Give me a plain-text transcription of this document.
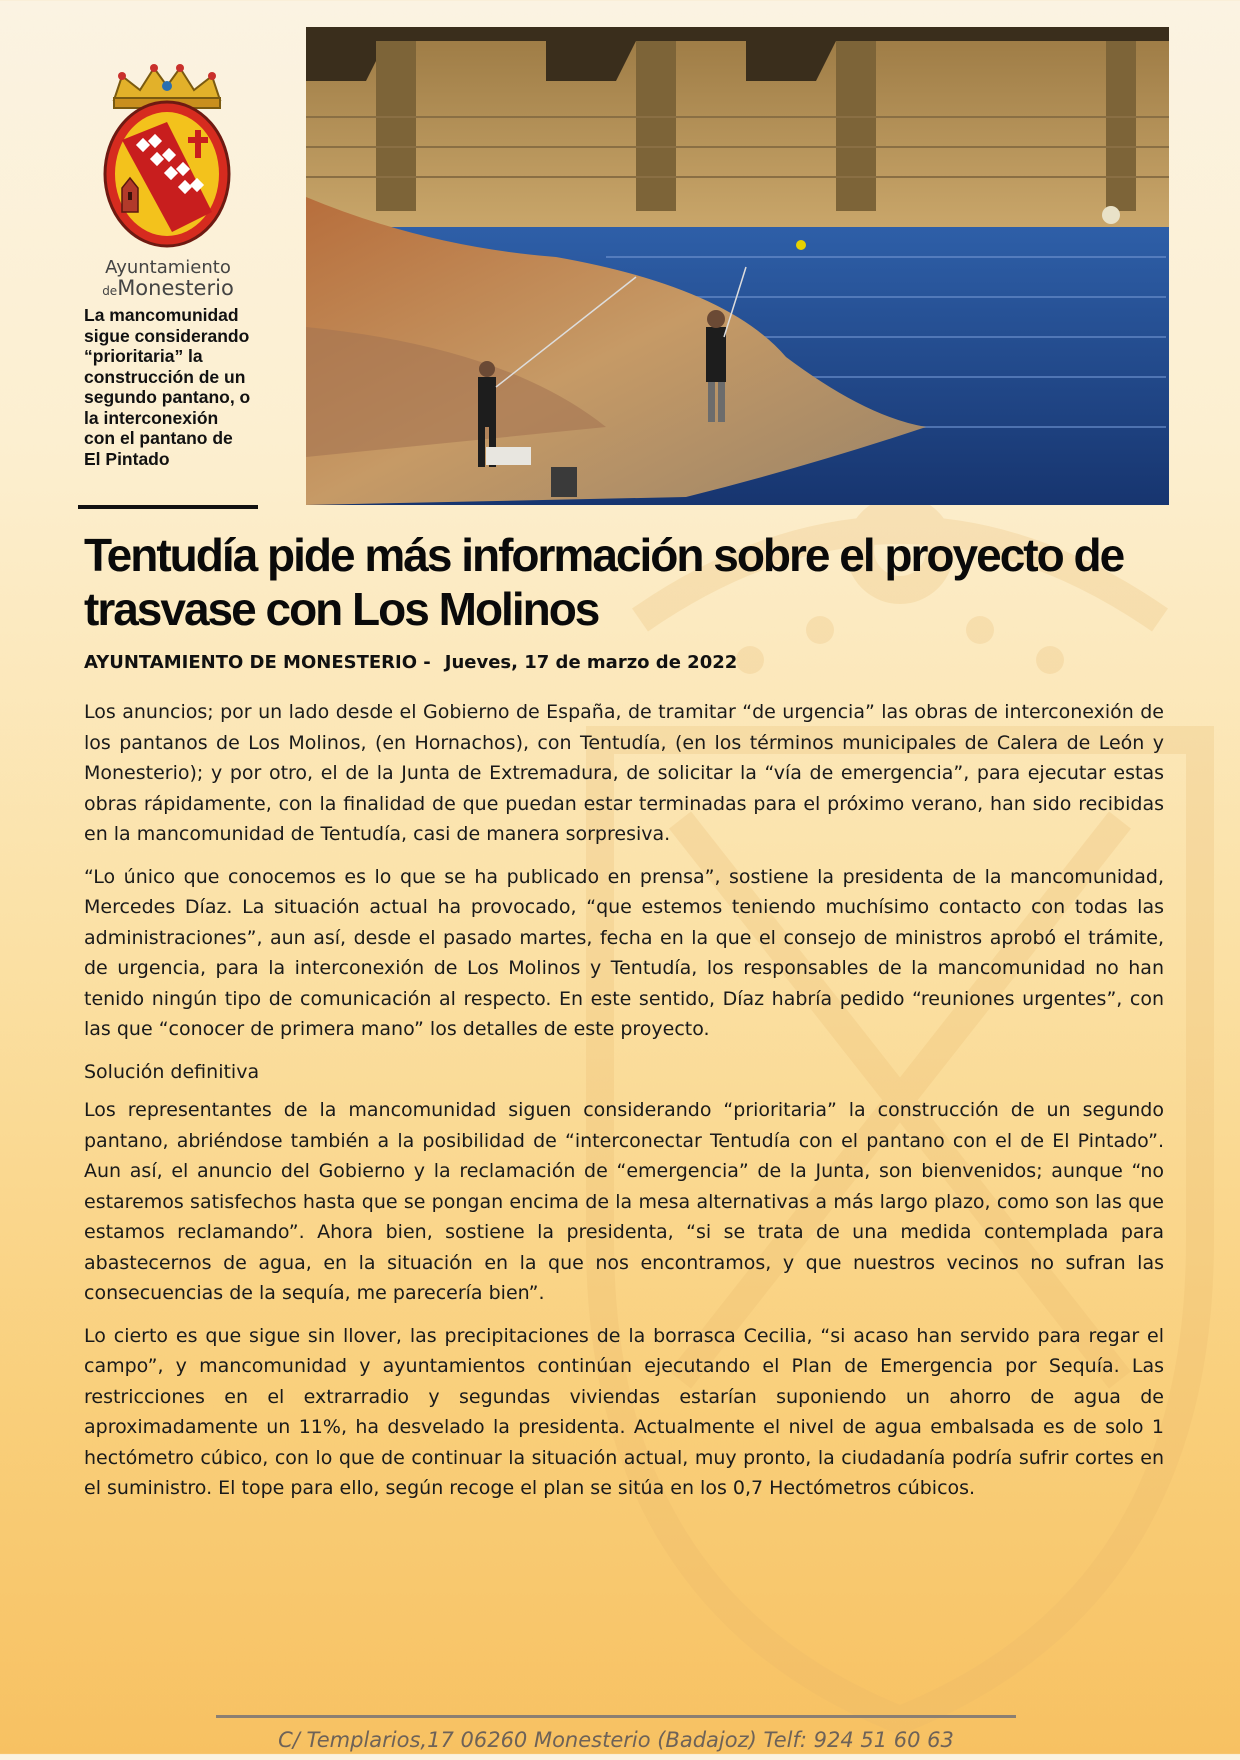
Ayuntamiento
deMonesterio
La mancomunidad sigue considerando “prioritaria” la construcción de un segundo pantano, o la interconexión con el pantano de El Pintado
Tentudía pide más información sobre el proyecto de trasvase con Los Molinos
AYUNTAMIENTO DE MONESTERIO - Jueves, 17 de marzo de 2022

Los anuncios; por un lado desde el Gobierno de España, de tramitar “de urgencia” las obras de interconexión de los pantanos de Los Molinos, (en Hornachos), con Tentudía, (en los términos municipales de Calera de León y Monesterio); y por otro, el de la Junta de Extremadura, de solicitar la “vía de emergencia”, para ejecutar estas obras rápidamente, con la finalidad de que puedan estar terminadas para el próximo verano, han sido recibidas en la mancomunidad de Tentudía, casi de manera sorpresiva.

“Lo único que conocemos es lo que se ha publicado en prensa”, sostiene la presidenta de la mancomunidad, Mercedes Díaz. La situación actual ha provocado, “que estemos teniendo muchísimo contacto con todas las administraciones”, aun así, desde el pasado martes, fecha en la que el consejo de ministros aprobó el trámite, de urgencia, para la interconexión de Los Molinos y Tentudía, los responsables de la mancomunidad no han tenido ningún tipo de comunicación al respecto. En este sentido, Díaz habría pedido “reuniones urgentes”, con las que “conocer de primera mano” los detalles de este proyecto.

Solución definitiva

Los representantes de la mancomunidad siguen considerando “prioritaria” la construcción de un segundo pantano, abriéndose también a la posibilidad de “interconectar Tentudía con el pantano con el de El Pintado”. Aun así, el anuncio del Gobierno y la reclamación de “emergencia” de la Junta, son bienvenidos; aunque “no estaremos satisfechos hasta que se pongan encima de la mesa alternativas a más largo plazo, como son las que estamos reclamando”. Ahora bien, sostiene la presidenta, “si se trata de una medida contemplada para abastecernos de agua, en la situación en la que nos encontramos, y que nuestros vecinos no sufran las consecuencias de la sequía, me parecería bien”.

Lo cierto es que sigue sin llover, las precipitaciones de la borrasca Cecilia, “si acaso han servido para regar el campo”, y mancomunidad y ayuntamientos continúan ejecutando el Plan de Emergencia por Sequía. Las restricciones en el extrarradio y segundas viviendas estarían suponiendo un ahorro de agua de aproximadamente un 11%, ha desvelado la presidenta. Actualmente el nivel de agua embalsada es de solo 1 hectómetro cúbico, con lo que de continuar la situación actual, muy pronto, la ciudadanía podría sufrir cortes en el suministro. El tope para ello, según recoge el plan se sitúa en los 0,7 Hectómetros cúbicos.

C/ Templarios,17 06260 Monesterio (Badajoz) Telf: 924 51 60 63
